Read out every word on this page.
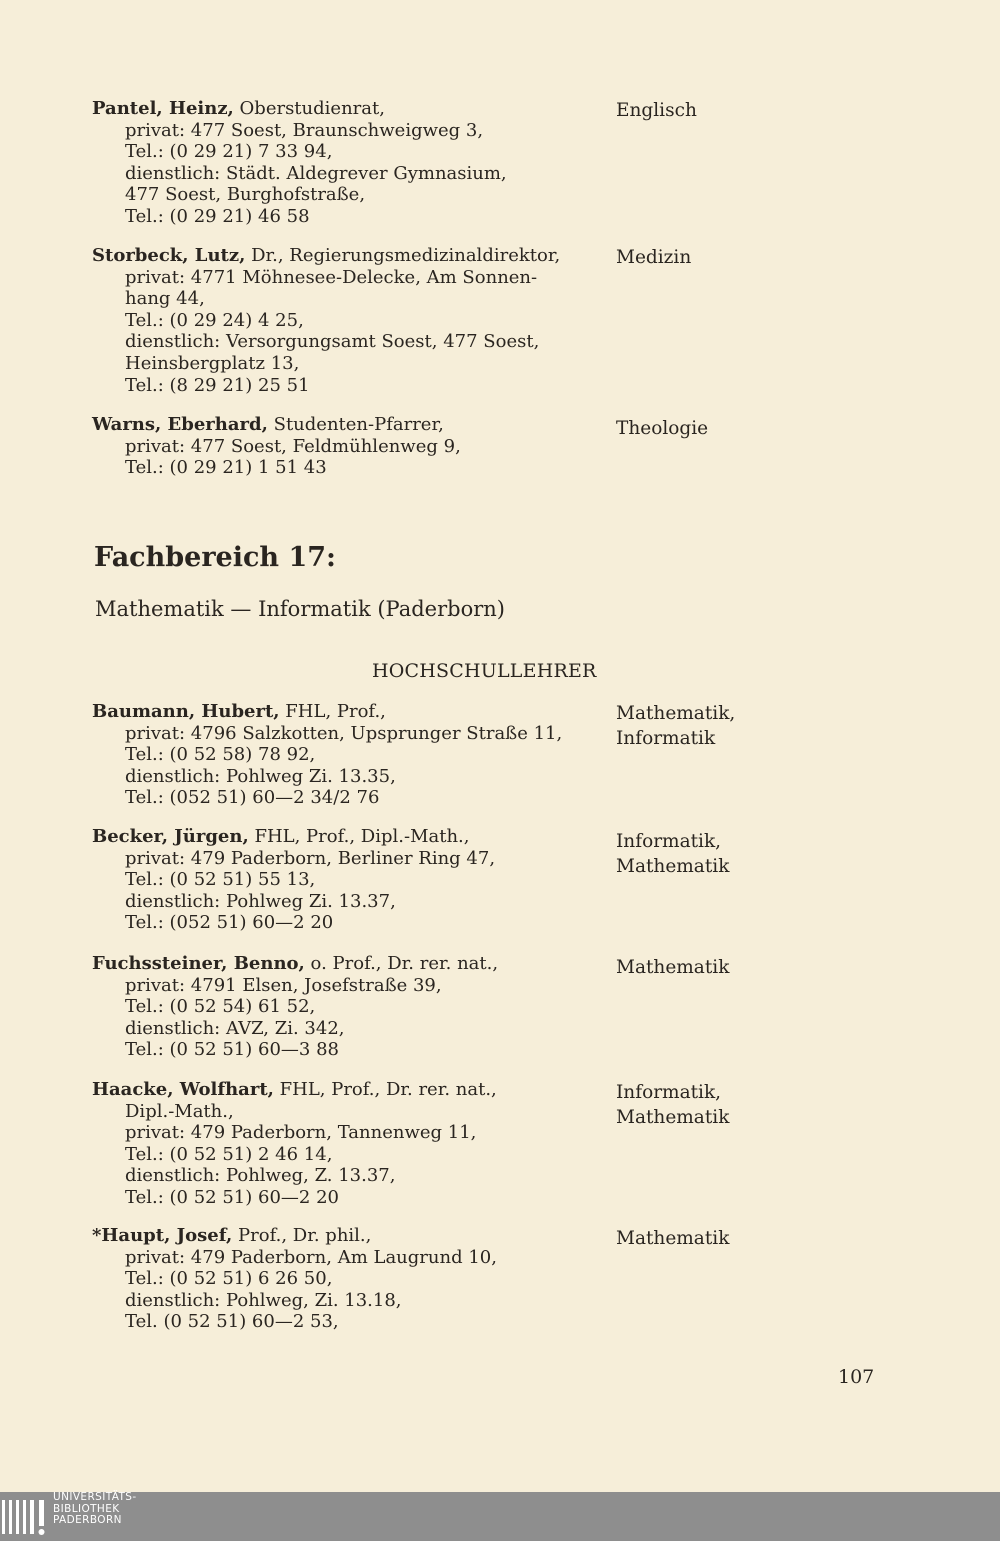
Pantel, Heinz, Oberstudienrat,
privat: 477 Soest, Braunschweigweg 3,
Tel.: (0 29 21) 7 33 94,
dienstlich: Städt. Aldegrever Gymnasium,
477 Soest, Burghofstraße,
Tel.: (0 29 21) 46 58
Englisch
Storbeck, Lutz, Dr., Regierungsmedizinaldirektor,
privat: 4771 Möhnesee-Delecke, Am Sonnen-
hang 44,
Tel.: (0 29 24) 4 25,
dienstlich: Versorgungsamt Soest, 477 Soest,
Heinsbergplatz 13,
Tel.: (8 29 21) 25 51
Medizin
Warns, Eberhard, Studenten-Pfarrer,
privat: 477 Soest, Feldmühlenweg 9,
Tel.: (0 29 21) 1 51 43
Theologie
Fachbereich 17:
Mathematik — Informatik (Paderborn)
HOCHSCHULLEHRER
Baumann, Hubert, FHL, Prof.,
privat: 4796 Salzkotten, Upsprunger Straße 11,
Tel.: (0 52 58) 78 92,
dienstlich: Pohlweg Zi. 13.35,
Tel.: (052 51) 60—2 34/2 76
Mathematik,
Informatik
Becker, Jürgen, FHL, Prof., Dipl.-Math.,
privat: 479 Paderborn, Berliner Ring 47,
Tel.: (0 52 51) 55 13,
dienstlich: Pohlweg Zi. 13.37,
Tel.: (052 51) 60—2 20
Informatik,
Mathematik
Fuchssteiner, Benno, o. Prof., Dr. rer. nat.,
privat: 4791 Elsen, Josefstraße 39,
Tel.: (0 52 54) 61 52,
dienstlich: AVZ, Zi. 342,
Tel.: (0 52 51) 60—3 88
Mathematik
Haacke, Wolfhart, FHL, Prof., Dr. rer. nat.,
Dipl.-Math.,
privat: 479 Paderborn, Tannenweg 11,
Tel.: (0 52 51) 2 46 14,
dienstlich: Pohlweg, Z. 13.37,
Tel.: (0 52 51) 60—2 20
Informatik,
Mathematik
*Haupt, Josef, Prof., Dr. phil.,
privat: 479 Paderborn, Am Laugrund 10,
Tel.: (0 52 51) 6 26 50,
dienstlich: Pohlweg, Zi. 13.18,
Tel. (0 52 51) 60—2 53,
Mathematik
107
UNIVERSITÄTS-
BIBLIOTHEK
PADERBORN
